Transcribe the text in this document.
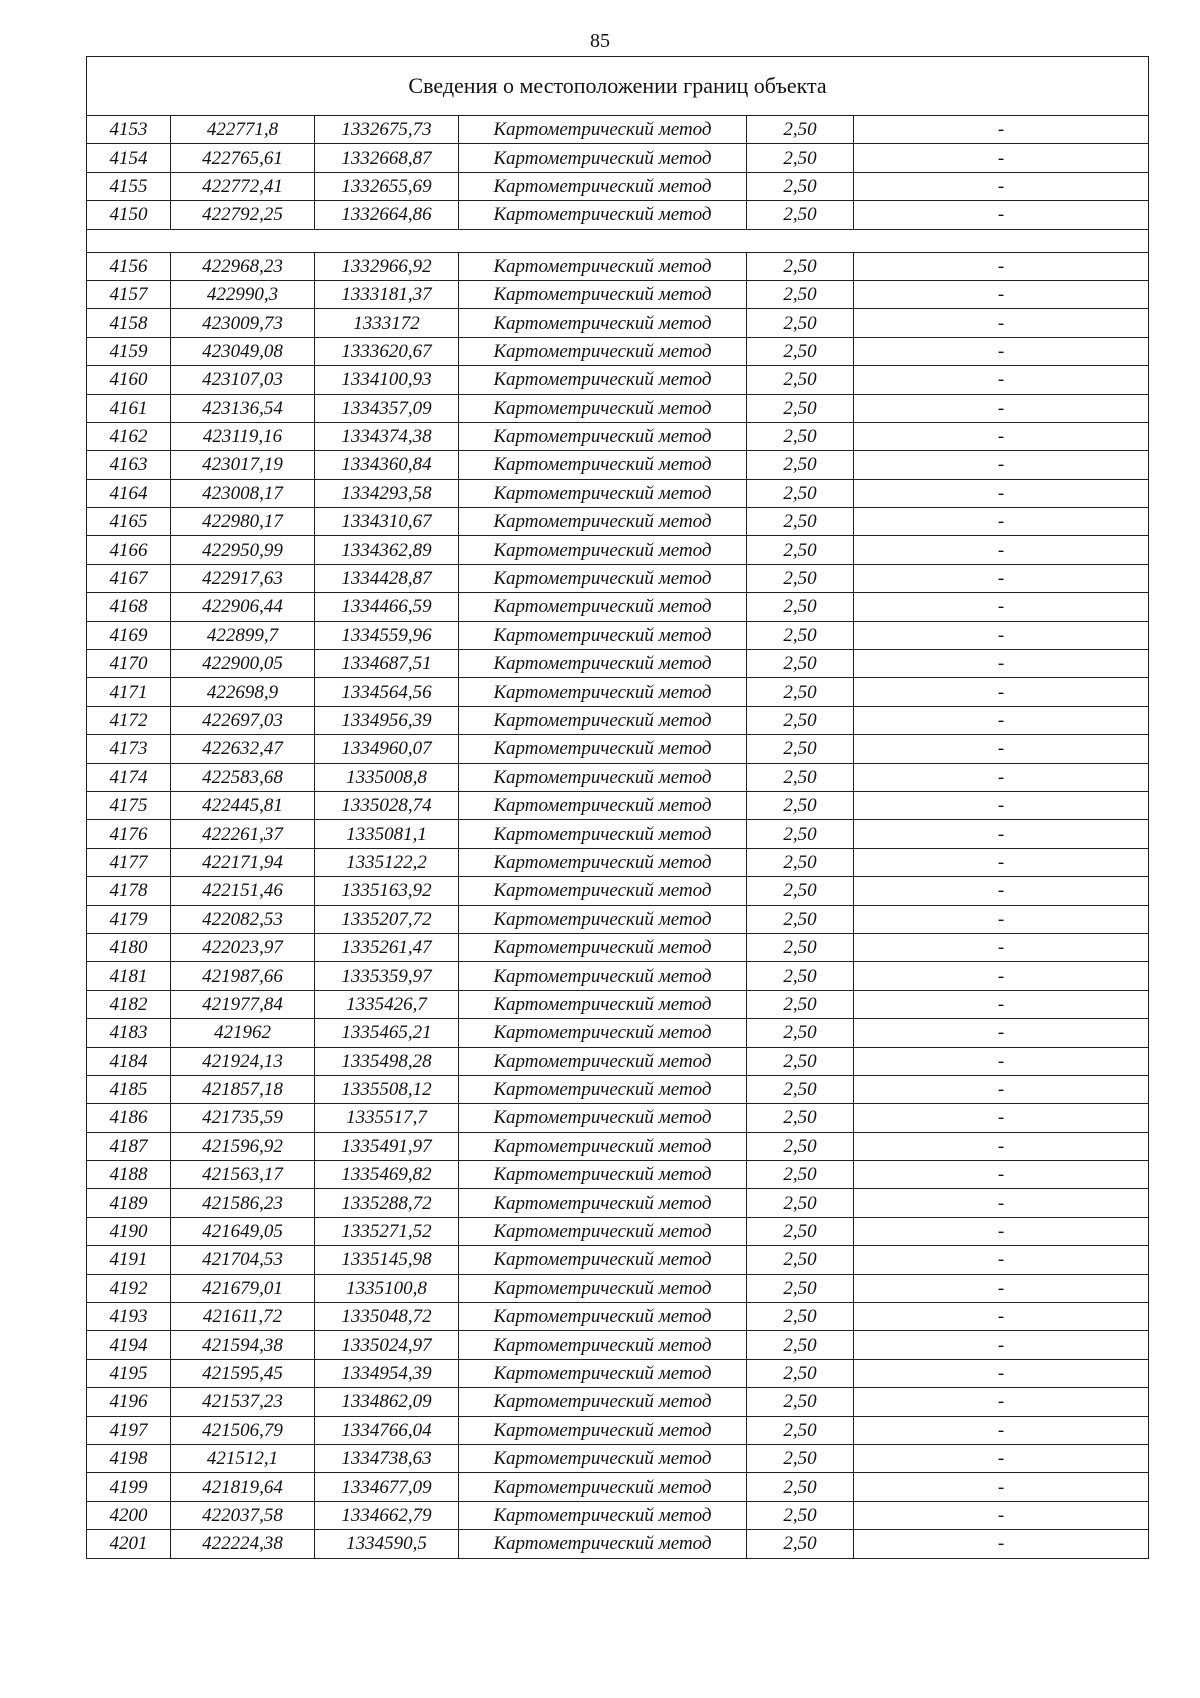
85
Сведения о местоположении границ объекта					
4153	422771,8	1332675,73	Картометрический метод	2,50	-
4154	422765,61	1332668,87	Картометрический метод	2,50	-
4155	422772,41	1332655,69	Картометрический метод	2,50	-
4150	422792,25	1332664,86	Картометрический метод	2,50	-

4156	422968,23	1332966,92	Картометрический метод	2,50	-
4157	422990,3	1333181,37	Картометрический метод	2,50	-
4158	423009,73	1333172	Картометрический метод	2,50	-
4159	423049,08	1333620,67	Картометрический метод	2,50	-
4160	423107,03	1334100,93	Картометрический метод	2,50	-
4161	423136,54	1334357,09	Картометрический метод	2,50	-
4162	423119,16	1334374,38	Картометрический метод	2,50	-
4163	423017,19	1334360,84	Картометрический метод	2,50	-
4164	423008,17	1334293,58	Картометрический метод	2,50	-
4165	422980,17	1334310,67	Картометрический метод	2,50	-
4166	422950,99	1334362,89	Картометрический метод	2,50	-
4167	422917,63	1334428,87	Картометрический метод	2,50	-
4168	422906,44	1334466,59	Картометрический метод	2,50	-
4169	422899,7	1334559,96	Картометрический метод	2,50	-
4170	422900,05	1334687,51	Картометрический метод	2,50	-
4171	422698,9	1334564,56	Картометрический метод	2,50	-
4172	422697,03	1334956,39	Картометрический метод	2,50	-
4173	422632,47	1334960,07	Картометрический метод	2,50	-
4174	422583,68	1335008,8	Картометрический метод	2,50	-
4175	422445,81	1335028,74	Картометрический метод	2,50	-
4176	422261,37	1335081,1	Картометрический метод	2,50	-
4177	422171,94	1335122,2	Картометрический метод	2,50	-
4178	422151,46	1335163,92	Картометрический метод	2,50	-
4179	422082,53	1335207,72	Картометрический метод	2,50	-
4180	422023,97	1335261,47	Картометрический метод	2,50	-
4181	421987,66	1335359,97	Картометрический метод	2,50	-
4182	421977,84	1335426,7	Картометрический метод	2,50	-
4183	421962	1335465,21	Картометрический метод	2,50	-
4184	421924,13	1335498,28	Картометрический метод	2,50	-
4185	421857,18	1335508,12	Картометрический метод	2,50	-
4186	421735,59	1335517,7	Картометрический метод	2,50	-
4187	421596,92	1335491,97	Картометрический метод	2,50	-
4188	421563,17	1335469,82	Картометрический метод	2,50	-
4189	421586,23	1335288,72	Картометрический метод	2,50	-
4190	421649,05	1335271,52	Картометрический метод	2,50	-
4191	421704,53	1335145,98	Картометрический метод	2,50	-
4192	421679,01	1335100,8	Картометрический метод	2,50	-
4193	421611,72	1335048,72	Картометрический метод	2,50	-
4194	421594,38	1335024,97	Картометрический метод	2,50	-
4195	421595,45	1334954,39	Картометрический метод	2,50	-
4196	421537,23	1334862,09	Картометрический метод	2,50	-
4197	421506,79	1334766,04	Картометрический метод	2,50	-
4198	421512,1	1334738,63	Картометрический метод	2,50	-
4199	421819,64	1334677,09	Картометрический метод	2,50	-
4200	422037,58	1334662,79	Картометрический метод	2,50	-
4201	422224,38	1334590,5	Картометрический метод	2,50	-
